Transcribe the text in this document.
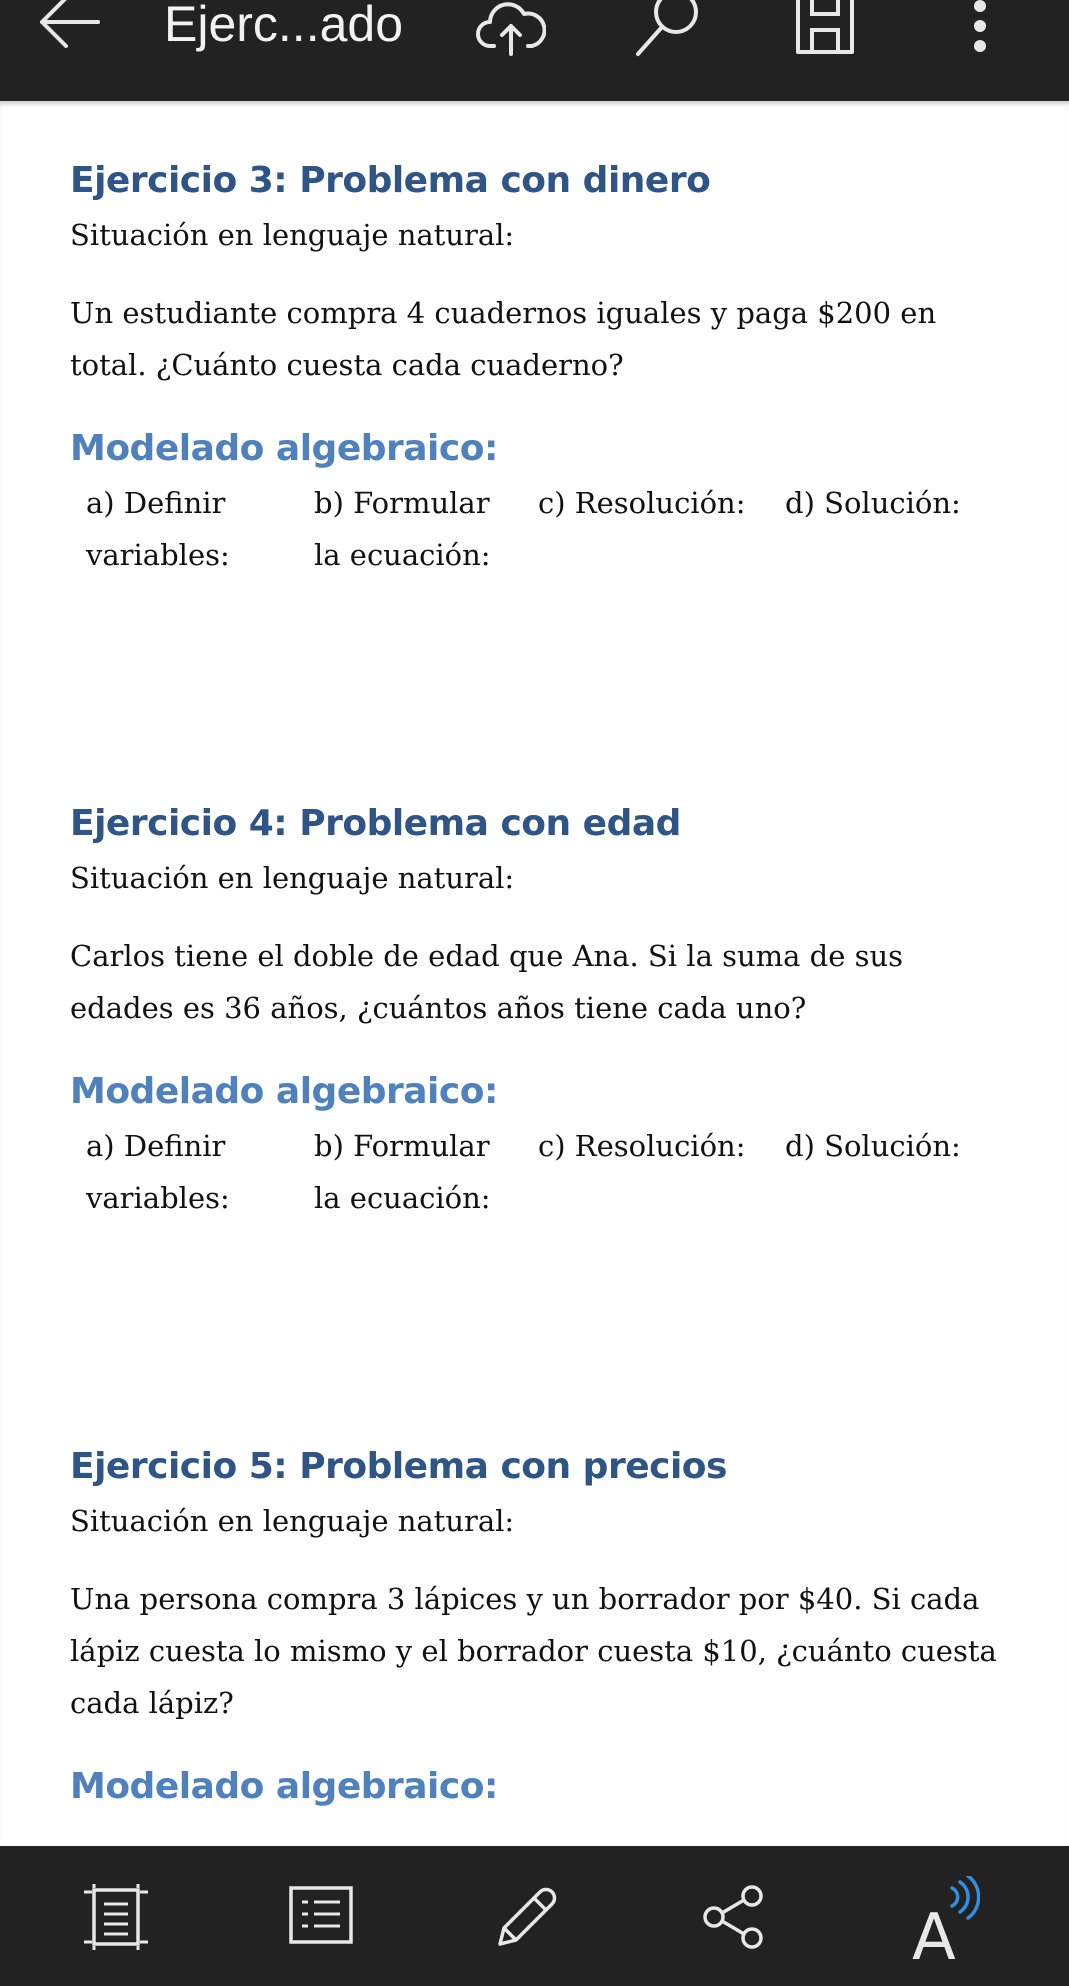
Ejerc...ado
Ejercicio 3: Problema con dinero

Situación en lenguaje natural:

Un estudiante compra 4 cuadernos iguales y paga $200 en total. ¿Cuánto cuesta cada cuaderno?

Modelado algebraico:
a) Definir variables:
b) Formular la ecuación:
c) Resolución:	d) Solución:
Ejercicio 4: Problema con edad

Situación en lenguaje natural:

Carlos tiene el doble de edad que Ana. Si la suma de sus edades es 36 años, ¿cuántos años tiene cada uno?

Modelado algebraico:
a) Definir variables:
b) Formular la ecuación:
c) Resolución:	d) Solución:
Ejercicio 5: Problema con precios

Situación en lenguaje natural:

Una persona compra 3 lápices y un borrador por $40. Si cada lápiz cuesta lo mismo y el borrador cuesta $10, ¿cuánto cuesta cada lápiz?

Modelado algebraico:
A
